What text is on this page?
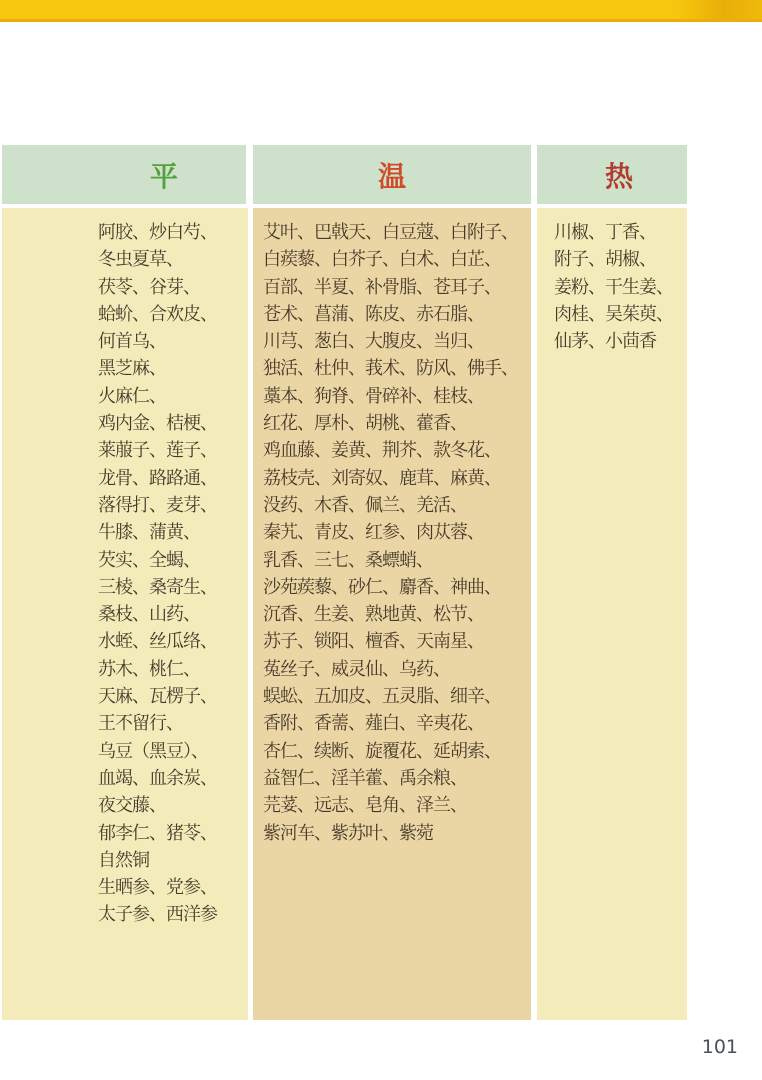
平	温	热
阿胶、炒白芍、
冬虫夏草、
茯苓、谷芽、
蛤蚧、合欢皮、
何首乌、
黑芝麻、
火麻仁、
鸡内金、桔梗、
莱菔子、莲子、
龙骨、路路通、
落得打、麦芽、
牛膝、蒲黄、
芡实、全蝎、
三棱、桑寄生、
桑枝、山药、
水蛭、丝瓜络、
苏木、桃仁、
天麻、瓦楞子、
王不留行、
乌豆（黑豆）、
血竭、血余炭、
夜交藤、
郁李仁、猪苓、
自然铜
生晒参、党参、
太子参、西洋参
艾叶、巴戟天、白豆蔻、白附子、
白蒺藜、白芥子、白术、白芷、
百部、半夏、补骨脂、苍耳子、
苍术、菖蒲、陈皮、赤石脂、
川芎、葱白、大腹皮、当归、
独活、杜仲、莪术、防风、佛手、
藁本、狗脊、骨碎补、桂枝、
红花、厚朴、胡桃、藿香、
鸡血藤、姜黄、荆芥、款冬花、
荔枝壳、刘寄奴、鹿茸、麻黄、
没药、木香、佩兰、羌活、
秦艽、青皮、红参、肉苁蓉、
乳香、三七、桑螵蛸、
沙苑蒺藜、砂仁、麝香、神曲、
沉香、生姜、熟地黄、松节、
苏子、锁阳、檀香、天南星、
菟丝子、威灵仙、乌药、
蜈蚣、五加皮、五灵脂、细辛、
香附、香薷、薤白、辛夷花、
杏仁、续断、旋覆花、延胡索、
益智仁、淫羊藿、禹余粮、
芫荽、远志、皂角、泽兰、
紫河车、紫苏叶、紫菀
川椒、丁香、
附子、胡椒、
姜粉、干生姜、
肉桂、吴茱萸、
仙茅、小茴香
101
